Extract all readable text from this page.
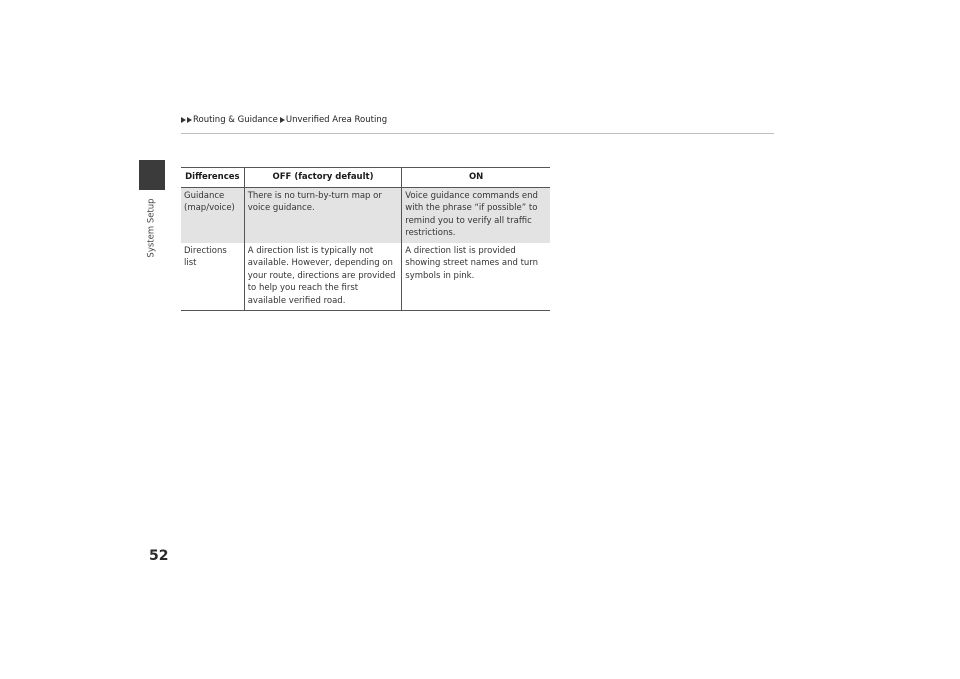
Routing & Guidance Unverified Area Routing
System Setup
Differences	OFF (factory default)	ON
Guidance (map/voice)	There is no turn-by-turn map or voice guidance.	Voice guidance commands end with the phrase “if possible” to remind you to verify all traffic restrictions.
Directions list	A direction list is typically not available. However, depending on your route, directions are provided to help you reach the first available verified road.	A direction list is provided showing street names and turn symbols in pink.
52
